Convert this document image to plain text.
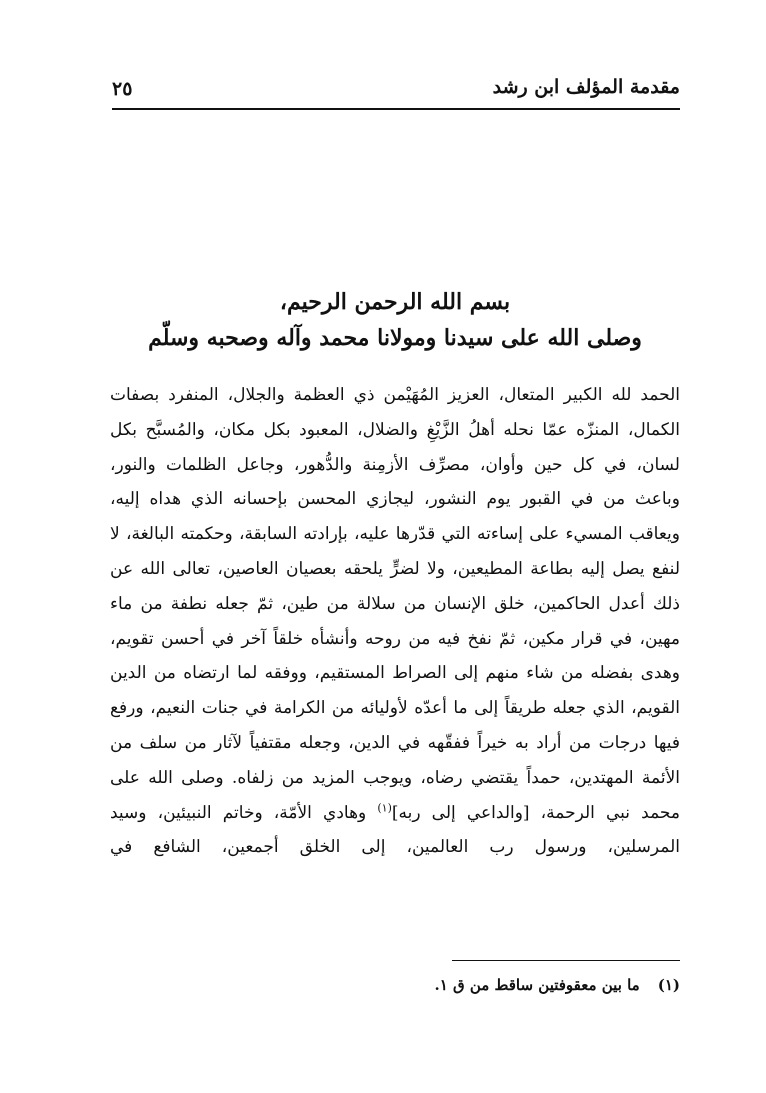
مقدمة المؤلف ابن رشد
٢٥
بسم الله الرحمن الرحيم،
وصلى الله على سيدنا ومولانا محمد وآله وصحبه وسلّم

الحمد لله الكبير المتعال، العزيز المُهَيْمن ذي العظمة والجلال، المنفرد بصفات الكمال، المنزّه عمّا نحله أهلُ الزَّيْغِ والضلال، المعبود بكل مكان، والمُسبَّح بكل لسان، في كل حين وأوان، مصرِّف الأزمِنة والدُّهور، وجاعل الظلمات والنور، وباعث من في القبور يوم النشور، ليجازي المحسن بإحسانه الذي هداه إليه، ويعاقب المسيء على إساءته التي قدّرها عليه، بإرادته السابقة، وحكمته البالغة، لا لنفع يصل إليه بطاعة المطيعين، ولا لضرٍّ يلحقه بعصيان العاصين، تعالى الله عن ذلك أعدل الحاكمين، خلق الإنسان من سلالة من طين، ثمّ جعله نطفة من ماء مهين، في قرار مكين، ثمّ نفخ فيه من روحه وأنشأه خلقاً آخر في أحسن تقويم، وهدى بفضله من شاء منهم إلى الصراط المستقيم، ووفقه لما ارتضاه من الدين القويم، الذي جعله طريقاً إلى ما أعدّه لأوليائه من الكرامة في جنات النعيم، ورفع فيها درجات من أراد به خيراً ففقّهه في الدين، وجعله مقتفياً لآثار من سلف من الأئمة المهتدين، حمداً يقتضي رضاه، ويوجب المزيد من زلفاه. وصلى الله على محمد نبي الرحمة، [والداعي إلى ربه]$^{(١)}$ وهادي الأمّة، وخاتم النبيئين، وسيد المرسلين، ورسول رب العالمين، إلى الخلق أجمعين، الشافع في

(١)ما بين معقوفتين ساقط من ق ١.
